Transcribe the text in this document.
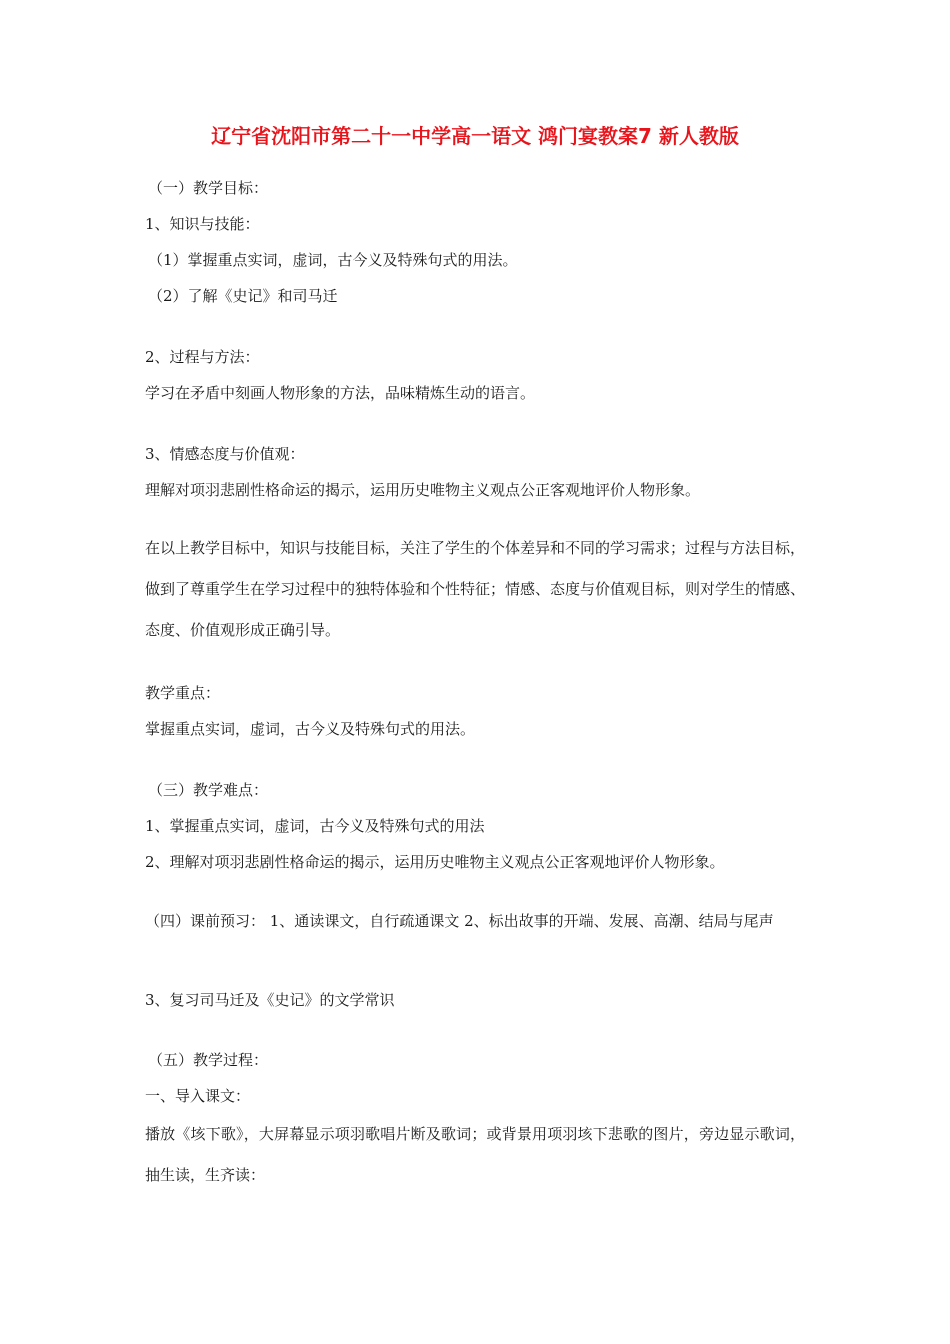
辽宁省沈阳市第二十一中学高一语文 鸿门宴教案7 新人教版
（一）教学目标：
1、知识与技能：
（1）掌握重点实词，虚词，古今义及特殊句式的用法。
（2）了解《史记》和司马迁
2、过程与方法：
学习在矛盾中刻画人物形象的方法，品味精炼生动的语言。
3、情感态度与价值观：
理解对项羽悲剧性格命运的揭示，运用历史唯物主义观点公正客观地评价人物形象。
在以上教学目标中，知识与技能目标，关注了学生的个体差异和不同的学习需求；过程与方法目标，做到了尊重学生在学习过程中的独特体验和个性特征；情感、态度与价值观目标，则对学生的情感、态度、价值观形成正确引导。
教学重点：
掌握重点实词，虚词，古今义及特殊句式的用法。
（三）教学难点：
1、掌握重点实词，虚词，古今义及特殊句式的用法
2、理解对项羽悲剧性格命运的揭示，运用历史唯物主义观点公正客观地评价人物形象。
（四）课前预习： 1、通读课文，自行疏通课文 2、标出故事的开端、发展、高潮、结局与尾声
3、复习司马迁及《史记》的文学常识
（五）教学过程：
一、导入课文：
播放《垓下歌》，大屏幕显示项羽歌唱片断及歌词；或背景用项羽垓下悲歌的图片，旁边显示歌词，抽生读，生齐读：
